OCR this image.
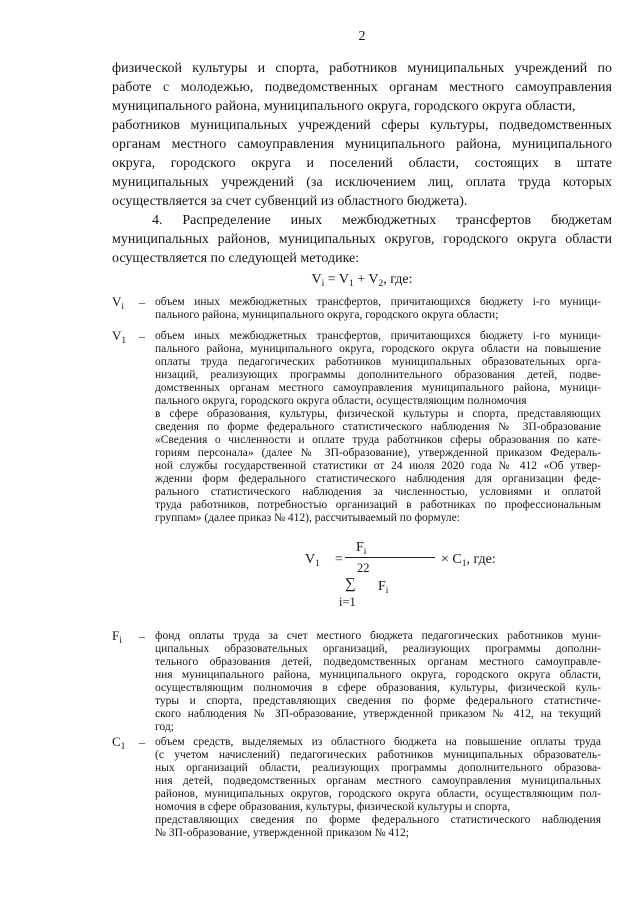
2
физической культуры и спорта, работников муниципальных учреждений по
работе с молодежью, подведомственных органам местного самоуправления
муниципального района, муниципального округа, городского округа области,
работников муниципальных учреждений сферы культуры, подведомственных
органам местного самоуправления муниципального района, муниципального
округа, городского округа и поселений области, состоящих в штате
муниципальных учреждений (за исключением лиц, оплата труда которых
осуществляется за счет субвенций из областного бюджета).
4. Распределение иных межбюджетных трансфертов бюджетам
муниципальных районов, муниципальных округов, городского округа области
осуществляется по следующей методике:
$V_i = V_1 + V_2$, где:
$V_i$ – объем иных межбюджетных трансфертов, причитающихся бюджету i-го муници-
пального района, муниципального округа, городского округа области;
$V_1$ – объем иных межбюджетных трансфертов, причитающихся бюджету i-го муници-
пального района, муниципального округа, городского округа области на повышение
оплаты труда педагогических работников муниципальных образовательных орга-
низаций, реализующих программы дополнительного образования детей, подве-
домственных органам местного самоуправления муниципального района, муници-
пального округа, городского округа области, осуществляющим полномочия
в сфере образования, культуры, физической культуры и спорта, представляющих
сведения по форме федерального статистического наблюдения № ЗП-образование
«Сведения о численности и оплате труда работников сферы образования по кате-
гориям персонала» (далее № ЗП-образование), утвержденной приказом Федераль-
ной службы государственной статистики от 24 июля 2020 года № 412 «Об утвер-
ждении форм федерального статистического наблюдения для организации феде-
рального статистического наблюдения за численностью, условиями и оплатой
труда работников, потребностью организаций в работниках по профессиональным
группам» (далее приказ № 412), рассчитываемый по формуле:
$V_1$ =
$F_i$
22
∑ $F_i$
i=1
× $C_1$, где:
$F_i$ – фонд оплаты труда за счет местного бюджета педагогических работников муни-
ципальных образовательных организаций, реализующих программы дополни-
тельного образования детей, подведомственных органам местного самоуправле-
ния муниципального района, муниципального округа, городского округа области,
осуществляющим полномочия в сфере образования, культуры, физической куль-
туры и спорта, представляющих сведения по форме федерального статистиче-
ского наблюдения № ЗП-образование, утвержденной приказом № 412, на текущий
год;
$C_1$ – объем средств, выделяемых из областного бюджета на повышение оплаты труда
(с учетом начислений) педагогических работников муниципальных образователь-
ных организаций области, реализующих программы дополнительного образова-
ния детей, подведомственных органам местного самоуправления муниципальных
районов, муниципальных округов, городского округа области, осуществляющим пол-
номочия в сфере образования, культуры, физической культуры и спорта,
представляющих сведения по форме федерального статистического наблюдения
№ ЗП-образование, утвержденной приказом № 412;
